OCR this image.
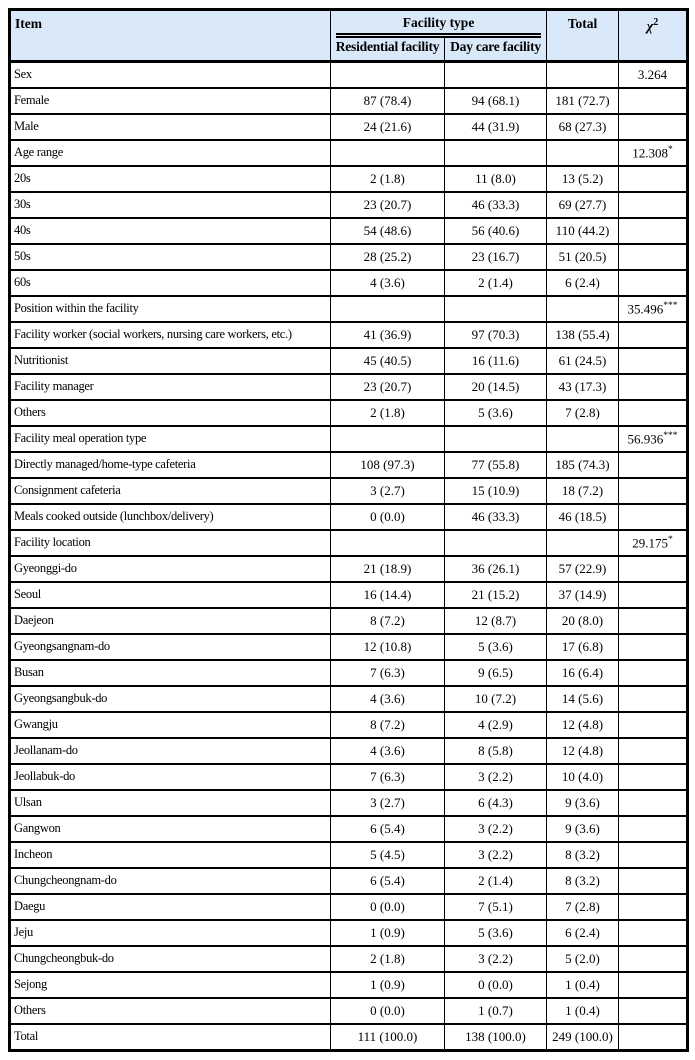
Item	Facility type		Total	$\chi^2$
	Residential facility	Day care facility		
Sex				3.264
Female	87 (78.4)	94 (68.1)	181 (72.7)	
Male	24 (21.6)	44 (31.9)	68 (27.3)	
Age range				12.308*
20s	2 (1.8)	11 (8.0)	13 (5.2)	
30s	23 (20.7)	46 (33.3)	69 (27.7)	
40s	54 (48.6)	56 (40.6)	110 (44.2)	
50s	28 (25.2)	23 (16.7)	51 (20.5)	
60s	4 (3.6)	2 (1.4)	6 (2.4)	
Position within the facility				35.496***
Facility worker (social workers, nursing care workers, etc.)	41 (36.9)	97 (70.3)	138 (55.4)	
Nutritionist	45 (40.5)	16 (11.6)	61 (24.5)	
Facility manager	23 (20.7)	20 (14.5)	43 (17.3)	
Others	2 (1.8)	5 (3.6)	7 (2.8)	
Facility meal operation type				56.936***
Directly managed/home-type cafeteria	108 (97.3)	77 (55.8)	185 (74.3)	
Consignment cafeteria	3 (2.7)	15 (10.9)	18 (7.2)	
Meals cooked outside (lunchbox/delivery)	0 (0.0)	46 (33.3)	46 (18.5)	
Facility location				29.175*
Gyeonggi-do	21 (18.9)	36 (26.1)	57 (22.9)	
Seoul	16 (14.4)	21 (15.2)	37 (14.9)	
Daejeon	8 (7.2)	12 (8.7)	20 (8.0)	
Gyeongsangnam-do	12 (10.8)	5 (3.6)	17 (6.8)	
Busan	7 (6.3)	9 (6.5)	16 (6.4)	
Gyeongsangbuk-do	4 (3.6)	10 (7.2)	14 (5.6)	
Gwangju	8 (7.2)	4 (2.9)	12 (4.8)	
Jeollanam-do	4 (3.6)	8 (5.8)	12 (4.8)	
Jeollabuk-do	7 (6.3)	3 (2.2)	10 (4.0)	
Ulsan	3 (2.7)	6 (4.3)	9 (3.6)	
Gangwon	6 (5.4)	3 (2.2)	9 (3.6)	
Incheon	5 (4.5)	3 (2.2)	8 (3.2)	
Chungcheongnam-do	6 (5.4)	2 (1.4)	8 (3.2)	
Daegu	0 (0.0)	7 (5.1)	7 (2.8)	
Jeju	1 (0.9)	5 (3.6)	6 (2.4)	
Chungcheongbuk-do	2 (1.8)	3 (2.2)	5 (2.0)	
Sejong	1 (0.9)	0 (0.0)	1 (0.4)	
Others	0 (0.0)	1 (0.7)	1 (0.4)	
Total	111 (100.0)	138 (100.0)	249 (100.0)	
